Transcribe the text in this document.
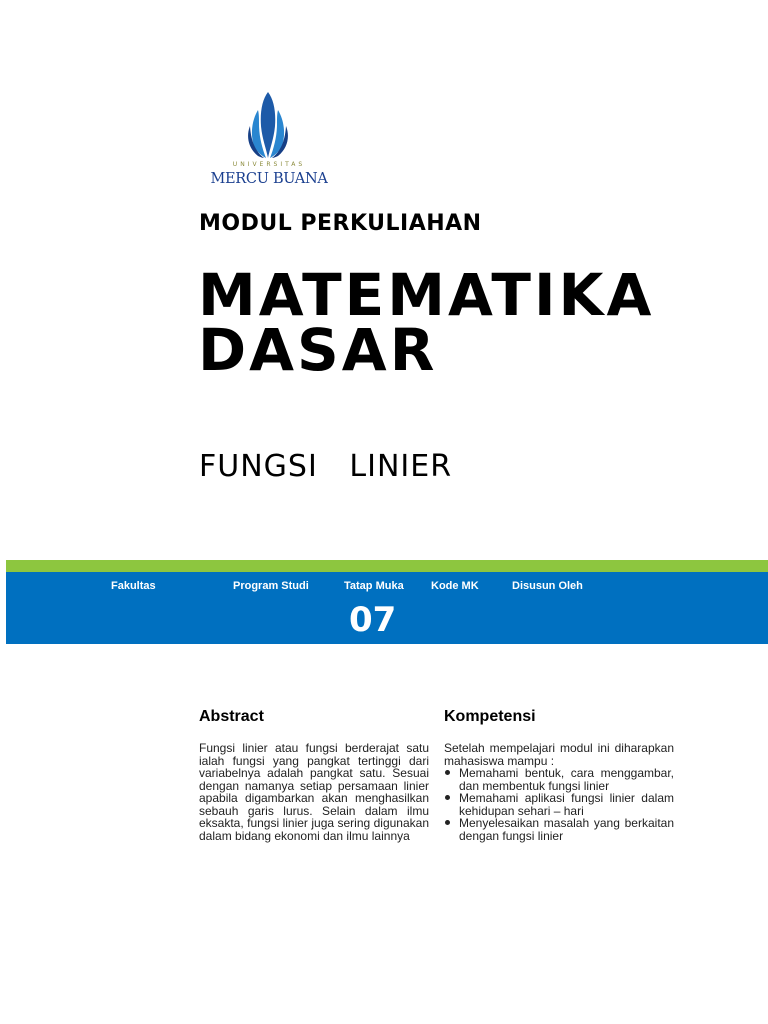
UNIVERSITAS
MERCU BUANA
MODUL PERKULIAHAN
MATEMATIKA DASAR
FUNGSI   LINIER
Fakultas	Program Studi	Tatap Muka Kode MK	Disusun Oleh
07
Abstract
Fungsi linier atau fungsi berderajat satu ialah fungsi yang pangkat tertinggi dari variabelnya adalah pangkat satu. Sesuai dengan namanya setiap persamaan linier apabila digambarkan akan menghasilkan sebauh garis lurus. Selain dalam ilmu eksakta, fungsi linier juga sering digunakan dalam bidang ekonomi dan ilmu lainnya
Kompetensi
Setelah mempelajari modul ini diharapkan mahasiswa mampu :
Memahami bentuk, cara menggambar, dan membentuk fungsi linier
Memahami aplikasi fungsi linier dalam kehidupan sehari – hari
Menyelesaikan masalah yang berkaitan dengan fungsi linier
